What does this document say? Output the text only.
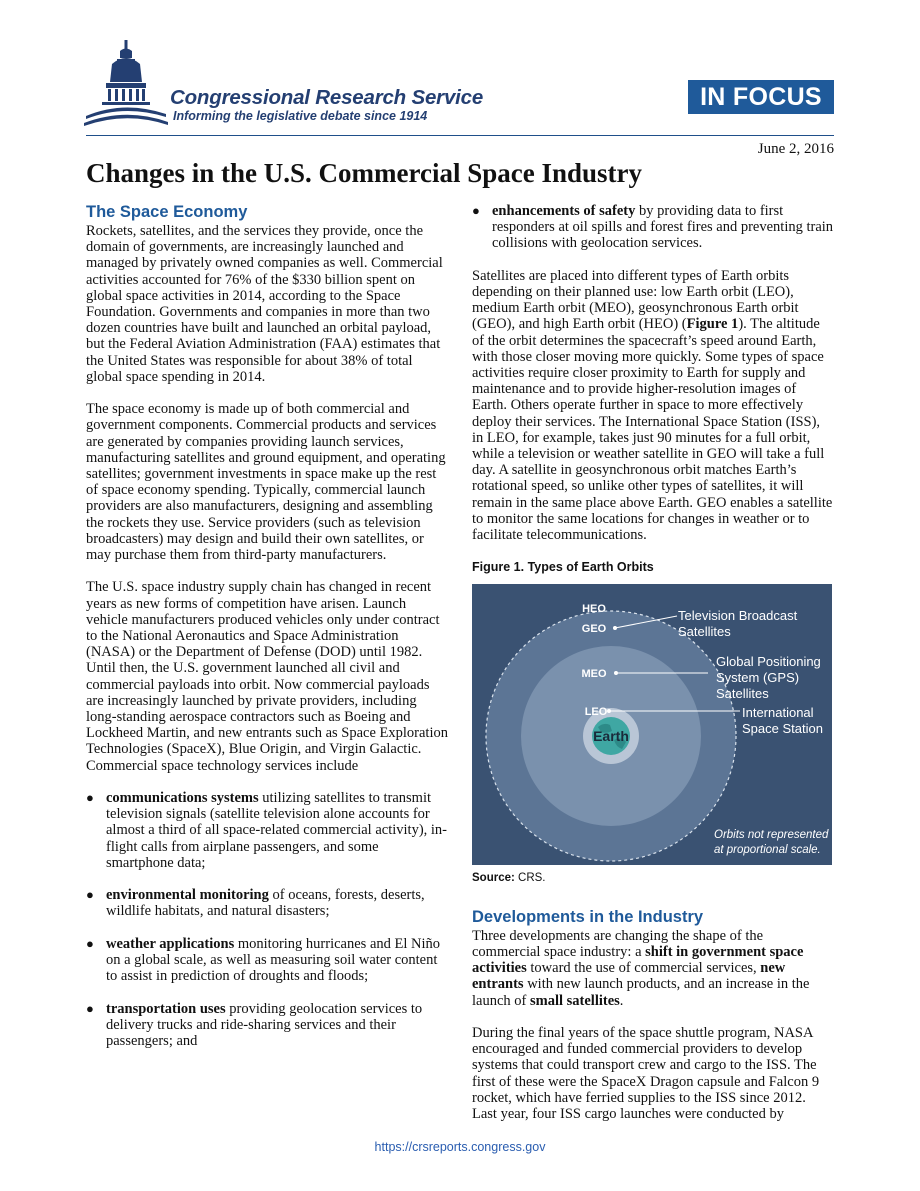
Congressional Research Service
Informing the legislative debate since 1914
IN FOCUS
June 2, 2016
Changes in the U.S. Commercial Space Industry
The Space Economy

Rockets, satellites, and the services they provide, once the domain of governments, are increasingly launched and managed by privately owned companies as well. Commercial activities accounted for 76% of the $330 billion spent on global space activities in 2014, according to the Space Foundation. Governments and companies in more than two dozen countries have built and launched an orbital payload, but the Federal Aviation Administration (FAA) estimates that the United States was responsible for about 38% of total global space spending in 2014.

The space economy is made up of both commercial and government components. Commercial products and services are generated by companies providing launch services, manufacturing satellites and ground equipment, and operating satellites; government investments in space make up the rest of space economy spending. Typically, commercial launch providers are also manufacturers, designing and assembling the rockets they use. Service providers (such as television broadcasters) may design and build their own satellites, or may purchase them from third-party manufacturers.

The U.S. space industry supply chain has changed in recent years as new forms of competition have arisen. Launch vehicle manufacturers produced vehicles only under contract to the National Aeronautics and Space Administration (NASA) or the Department of Defense (DOD) until 1982. Until then, the U.S. government launched all civil and commercial payloads into orbit. Now commercial payloads are increasingly launched by private providers, including long-standing aerospace contractors such as Boeing and Lockheed Martin, and new entrants such as Space Exploration Technologies (SpaceX), Blue Origin, and Virgin Galactic. Commercial space technology services include

● communications systems utilizing satellites to transmit television signals (satellite television alone accounts for almost a third of all space-related commercial activity), in-flight calls from airplane passengers, and some smartphone data;
● environmental monitoring of oceans, forests, deserts, wildlife habitats, and natural disasters;
● weather applications monitoring hurricanes and El Niño on a global scale, as well as measuring soil water content to assist in prediction of droughts and floods;
● transportation uses providing geolocation services to delivery trucks and ride-sharing services and their passengers; and
● enhancements of safety by providing data to first responders at oil spills and forest fires and preventing train collisions with geolocation services.

Satellites are placed into different types of Earth orbits depending on their planned use: low Earth orbit (LEO), medium Earth orbit (MEO), geosynchronous Earth orbit (GEO), and high Earth orbit (HEO) (Figure 1). The altitude of the orbit determines the spacecraft’s speed around Earth, with those closer moving more quickly. Some types of space activities require closer proximity to Earth for supply and maintenance and to provide higher-resolution images of Earth. Others operate further in space to more effectively deploy their services. The International Space Station (ISS), in LEO, for example, takes just 90 minutes for a full orbit, while a television or weather satellite in GEO will take a full day. A satellite in geosynchronous orbit matches Earth’s rotational speed, so unlike other types of satellites, it will remain in the same place above Earth. GEO enables a satellite to monitor the same locations for changes in weather or to facilitate telecommunications.

Figure 1. Types of Earth Orbits
Earth
HEO
GEO
MEO
LEO
Television Broadcast
Satellites
Global Positioning
System (GPS)
Satellites
International
Space Station
Orbits not represented
at proportional scale.
Source: CRS.
Developments in the Industry

Three developments are changing the shape of the commercial space industry: a shift in government space activities toward the use of commercial services, new entrants with new launch products, and an increase in the launch of small satellites.

During the final years of the space shuttle program, NASA encouraged and funded commercial providers to develop systems that could transport crew and cargo to the ISS. The first of these were the SpaceX Dragon capsule and Falcon 9 rocket, which have ferried supplies to the ISS since 2012. Last year, four ISS cargo launches were conducted by

https://crsreports.congress.gov
